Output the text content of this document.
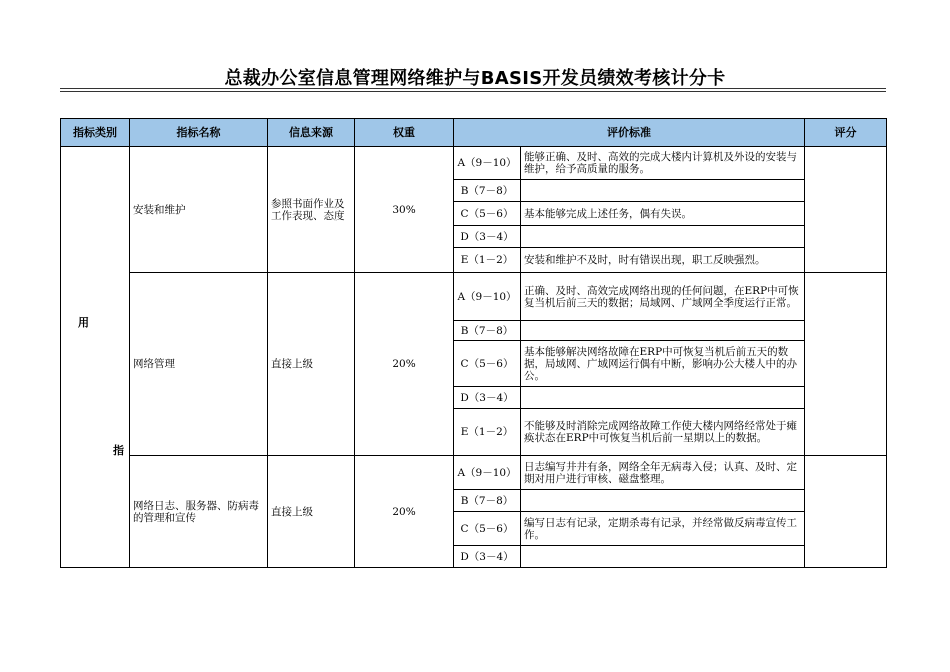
总裁办公室信息管理网络维护与BASIS开发员绩效考核计分卡
指标类别	指标名称	信息来源	权重	评价标准		评分

用
指	安装和维护	参照书面作业及工作表现、态度	30%	A（9－10）	能够正确、及时、高效的完成大楼内计算机及外设的安装与维护，给予高质量的服务。	
				B（7－8）		
				C（5－6）	基本能够完成上述任务，偶有失误。	
				D（3－4）		
				E（1－2）	安装和维护不及时，时有错误出现，职工反映强烈。	
	网络管理	直接上级	20%	A（9－10）	正确、及时、高效完成网络出现的任何问题，在ERP中可恢复当机后前三天的数据；局域网、广域网全季度运行正常。	
				B（7－8）		
				C（5－6）	基本能够解决网络故障在ERP中可恢复当机后前五天的数据，局域网、广域网运行偶有中断，影响办公大楼人中的办公。	
				D（3－4）		
				E（1－2）	不能够及时消除完成网络故障工作使大楼内网络经常处于瘫痪状态在ERP中可恢复当机后前一星期以上的数据。	
	网络日志、服务器、防病毒的管理和宣传	直接上级	20%	A（9－10）	日志编写井井有条，网络全年无病毒入侵；认真、及时、定期对用户进行审核、磁盘整理。	
				B（7－8）		
				C（5－6）	编写日志有记录，定期杀毒有记录，并经常做反病毒宣传工作。	
				D（3－4）		
